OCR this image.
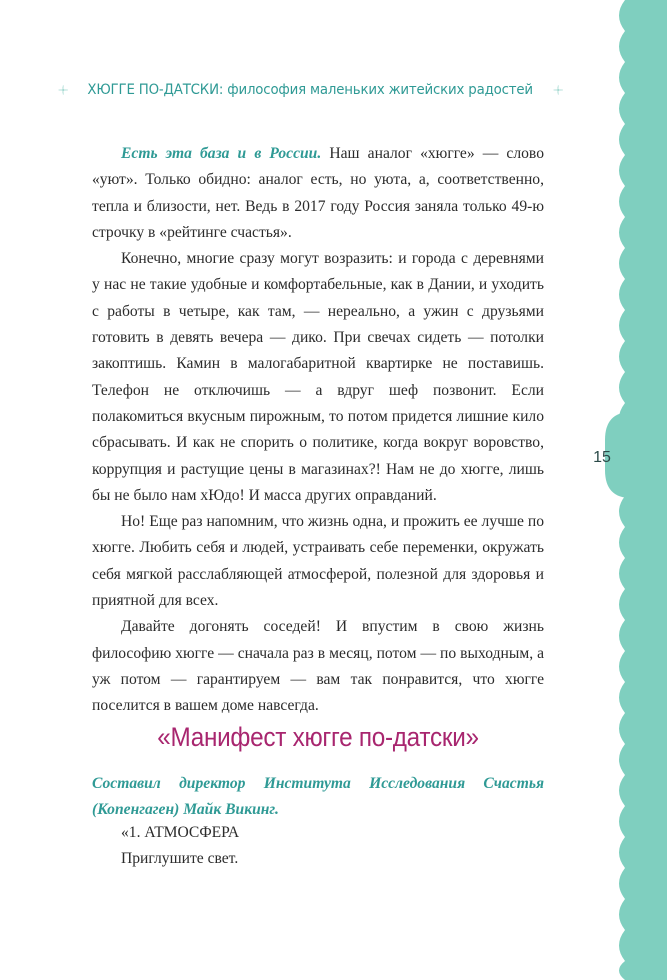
ХЮГГЕ ПО-ДАТСКИ: философия маленьких житейских радостей

Есть эта база и в России. Наш аналог «хюгге» — слово «уют». Только обидно: аналог есть, но уюта, а, соответственно, тепла и близости, нет. Ведь в 2017 году Россия заняла только 49-ю строчку в «рейтинге счастья».

Конечно, многие сразу могут возразить: и города с деревнями у нас не такие удобные и комфортабельные, как в Дании, и уходить с работы в четыре, как там, — нереально, а ужин с друзьями готовить в девять вечера — дико. При свечах сидеть — потолки закоптишь. Камин в малогабаритной квартирке не поставишь. Телефон не отключишь — а вдруг шеф позвонит. Если полакомиться вкусным пирожным, то потом придется лишние кило сбрасывать. И как не спорить о политике, когда вокруг воровство, коррупция и растущие цены в магазинах?! Нам не до хюгге, лишь бы не было нам хЮдо! И масса других оправданий.

Но! Еще раз напомним, что жизнь одна, и прожить ее лучше по хюгге. Любить себя и людей, устраивать себе переменки, окружать себя мягкой расслабляющей атмосферой, полезной для здоровья и приятной для всех.

Давайте догонять соседей! И впустим в свою жизнь философию хюгге — сначала раз в месяц, потом — по выходным, а уж потом — гарантируем — вам так понравится, что хюгге поселится в вашем доме навсегда.

«Манифест хюгге по-датски»
Составил директор Института Исследования Счастья (Копенгаген) Майк Викинг.

«1. АТМОСФЕРА

Приглушите свет.

15
